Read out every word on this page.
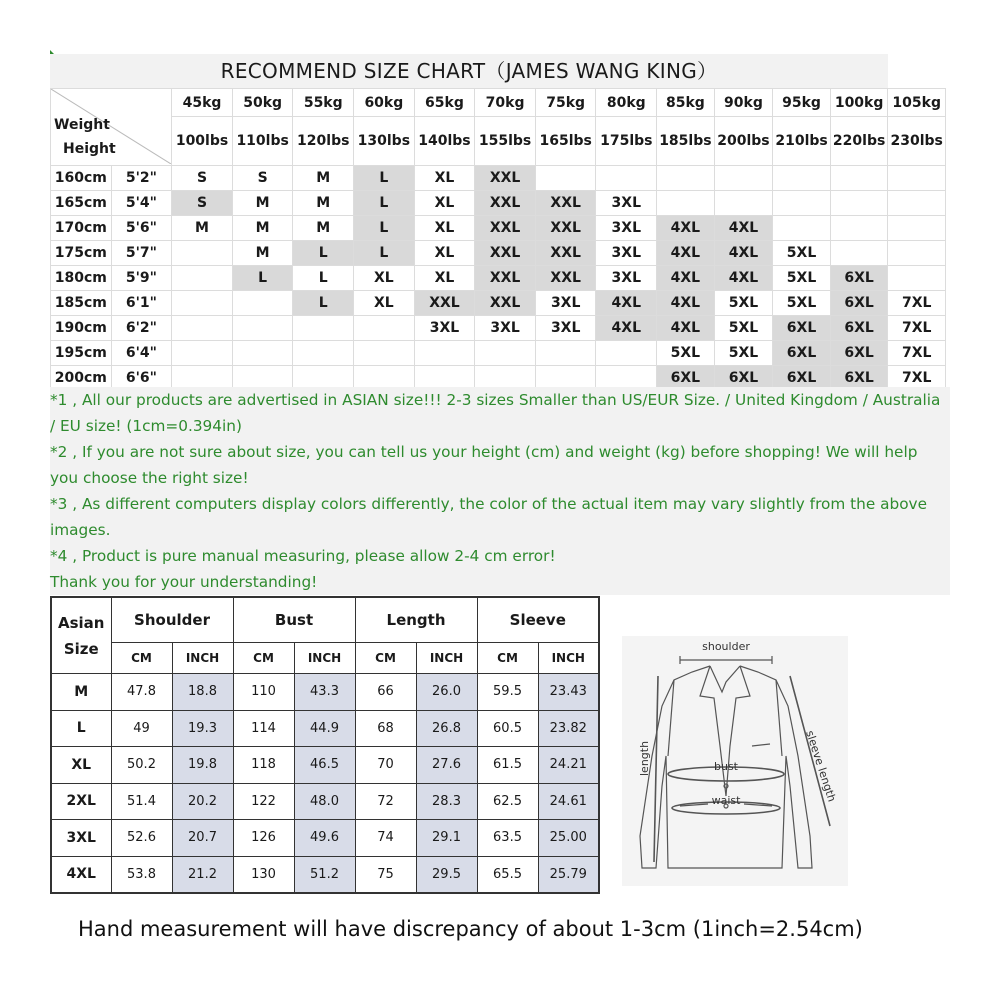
RECOMMEND SIZE CHART（JAMES WANG KING）
Weight
Height		45kg	50kg	55kg	60kg	65kg	70kg	75kg	80kg	85kg	90kg	95kg	100kg	105kg
		100lbs	110lbs	120lbs	130lbs	140lbs	155lbs	165lbs	175lbs	185lbs	200lbs	210lbs	220lbs	230lbs
160cm	5'2"	S	S	M	L	XL	XXL							
165cm	5'4"	S	M	M	L	XL	XXL	XXL	3XL					
170cm	5'6"	M	M	M	L	XL	XXL	XXL	3XL	4XL	4XL			
175cm	5'7"		M	L	L	XL	XXL	XXL	3XL	4XL	4XL	5XL		
180cm	5'9"		L	L	XL	XL	XXL	XXL	3XL	4XL	4XL	5XL	6XL	
185cm	6'1"			L	XL	XXL	XXL	3XL	4XL	4XL	5XL	5XL	6XL	7XL
190cm	6'2"					3XL	3XL	3XL	4XL	4XL	5XL	6XL	6XL	7XL
195cm	6'4"									5XL	5XL	6XL	6XL	7XL
200cm	6'6"									6XL	6XL	6XL	6XL	7XL

*1 , All our products are advertised in ASIAN size!!! 2-3 sizes Smaller than US/EUR Size. / United Kingdom / Australia / EU size! (1cm=0.394in)

*2 , If you are not sure about size, you can tell us your height (cm) and weight (kg) before shopping! We will help you choose the right size!

*3 , As different computers display colors differently, the color of the actual item may vary slightly from the above images.

*4 , Product is pure manual measuring, please allow 2-4 cm error!

Thank you for your understanding!

Asian
Size	Shoulder		Bust		Length		Sleeve	
	CM	INCH	CM	INCH	CM	INCH	CM	INCH
M	47.8	18.8	110	43.3	66	26.0	59.5	23.43
L	49	19.3	114	44.9	68	26.8	60.5	23.82
XL	50.2	19.8	118	46.5	70	27.6	61.5	24.21
2XL	51.4	20.2	122	48.0	72	28.3	62.5	24.61
3XL	52.6	20.7	126	49.6	74	29.1	63.5	25.00
4XL	53.8	21.2	130	51.2	75	29.5	65.5	25.79
shoulder
length	bust
waist	sleeve length
Hand measurement will have discrepancy of about 1-3cm (1inch=2.54cm)
